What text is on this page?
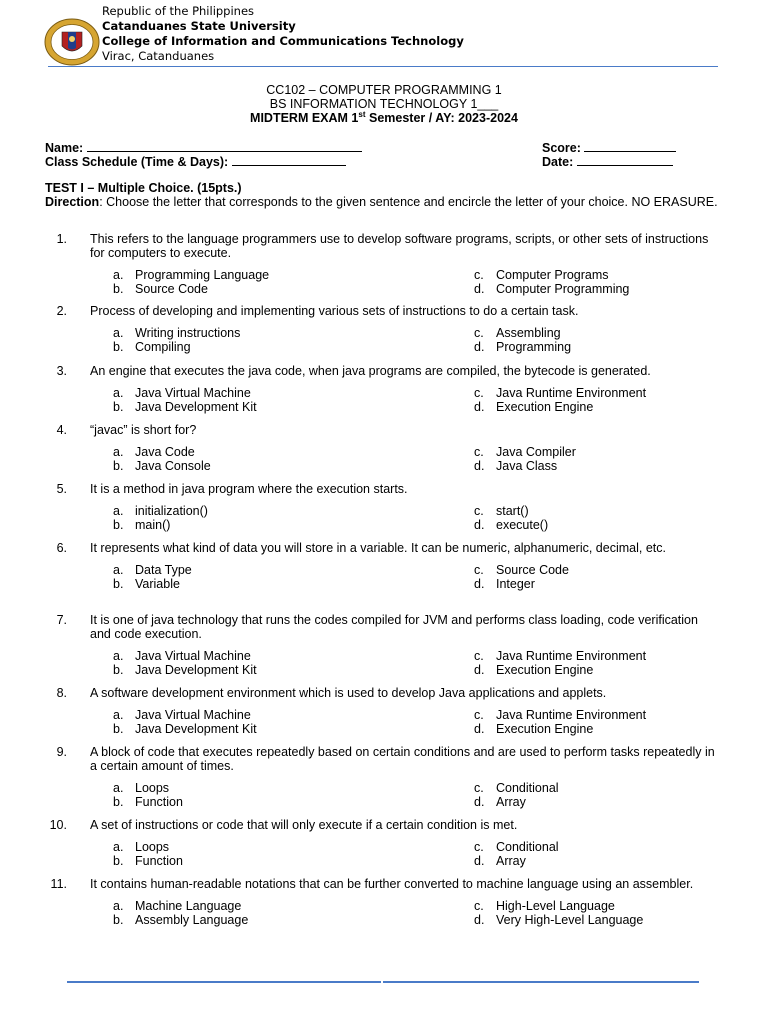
Republic of the Philippines
Catanduanes State University
College of Information and Communications Technology
Virac, Catanduanes
CC102 – COMPUTER PROGRAMMING 1
BS INFORMATION TECHNOLOGY 1___
MIDTERM EXAM 1st Semester / AY: 2023-2024
Name:
Class Schedule (Time & Days):
Score:
Date:
TEST I – Multiple Choice. (15pts.)
Direction: Choose the letter that corresponds to the given sentence and encircle the letter of your choice. NO ERASURE.
1. This refers to the language programmers use to develop software programs, scripts, or other sets of instructions for computers to execute.
a. Programming Language	c. Computer Programs
b. Source Code	d. Computer Programming
2. Process of developing and implementing various sets of instructions to do a certain task.
a. Writing instructions	c. Assembling
b. Compiling	d. Programming
3. An engine that executes the java code, when java programs are compiled, the bytecode is generated.
a. Java Virtual Machine	c. Java Runtime Environment
b. Java Development Kit	d. Execution Engine
4. “javac” is short for?
a. Java Code	c. Java Compiler
b. Java Console	d. Java Class
5. It is a method in java program where the execution starts.
a. initialization()	c. start()
b. main()	d. execute()
6. It represents what kind of data you will store in a variable. It can be numeric, alphanumeric, decimal, etc.
a. Data Type	c. Source Code
b. Variable	d. Integer
7. It is one of java technology that runs the codes compiled for JVM and performs class loading, code verification and code execution.
a. Java Virtual Machine	c. Java Runtime Environment
b. Java Development Kit	d. Execution Engine
8. A software development environment which is used to develop Java applications and applets.
a. Java Virtual Machine	c. Java Runtime Environment
b. Java Development Kit	d. Execution Engine
9. A block of code that executes repeatedly based on certain conditions and are used to perform tasks repeatedly in a certain amount of times.
a. Loops	c. Conditional
b. Function	d. Array
10. A set of instructions or code that will only execute if a certain condition is met.
a. Loops	c. Conditional
b. Function	d. Array
11. It contains human-readable notations that can be further converted to machine language using an assembler.
a. Machine Language	c. High-Level Language
b. Assembly Language	d. Very High-Level Language
